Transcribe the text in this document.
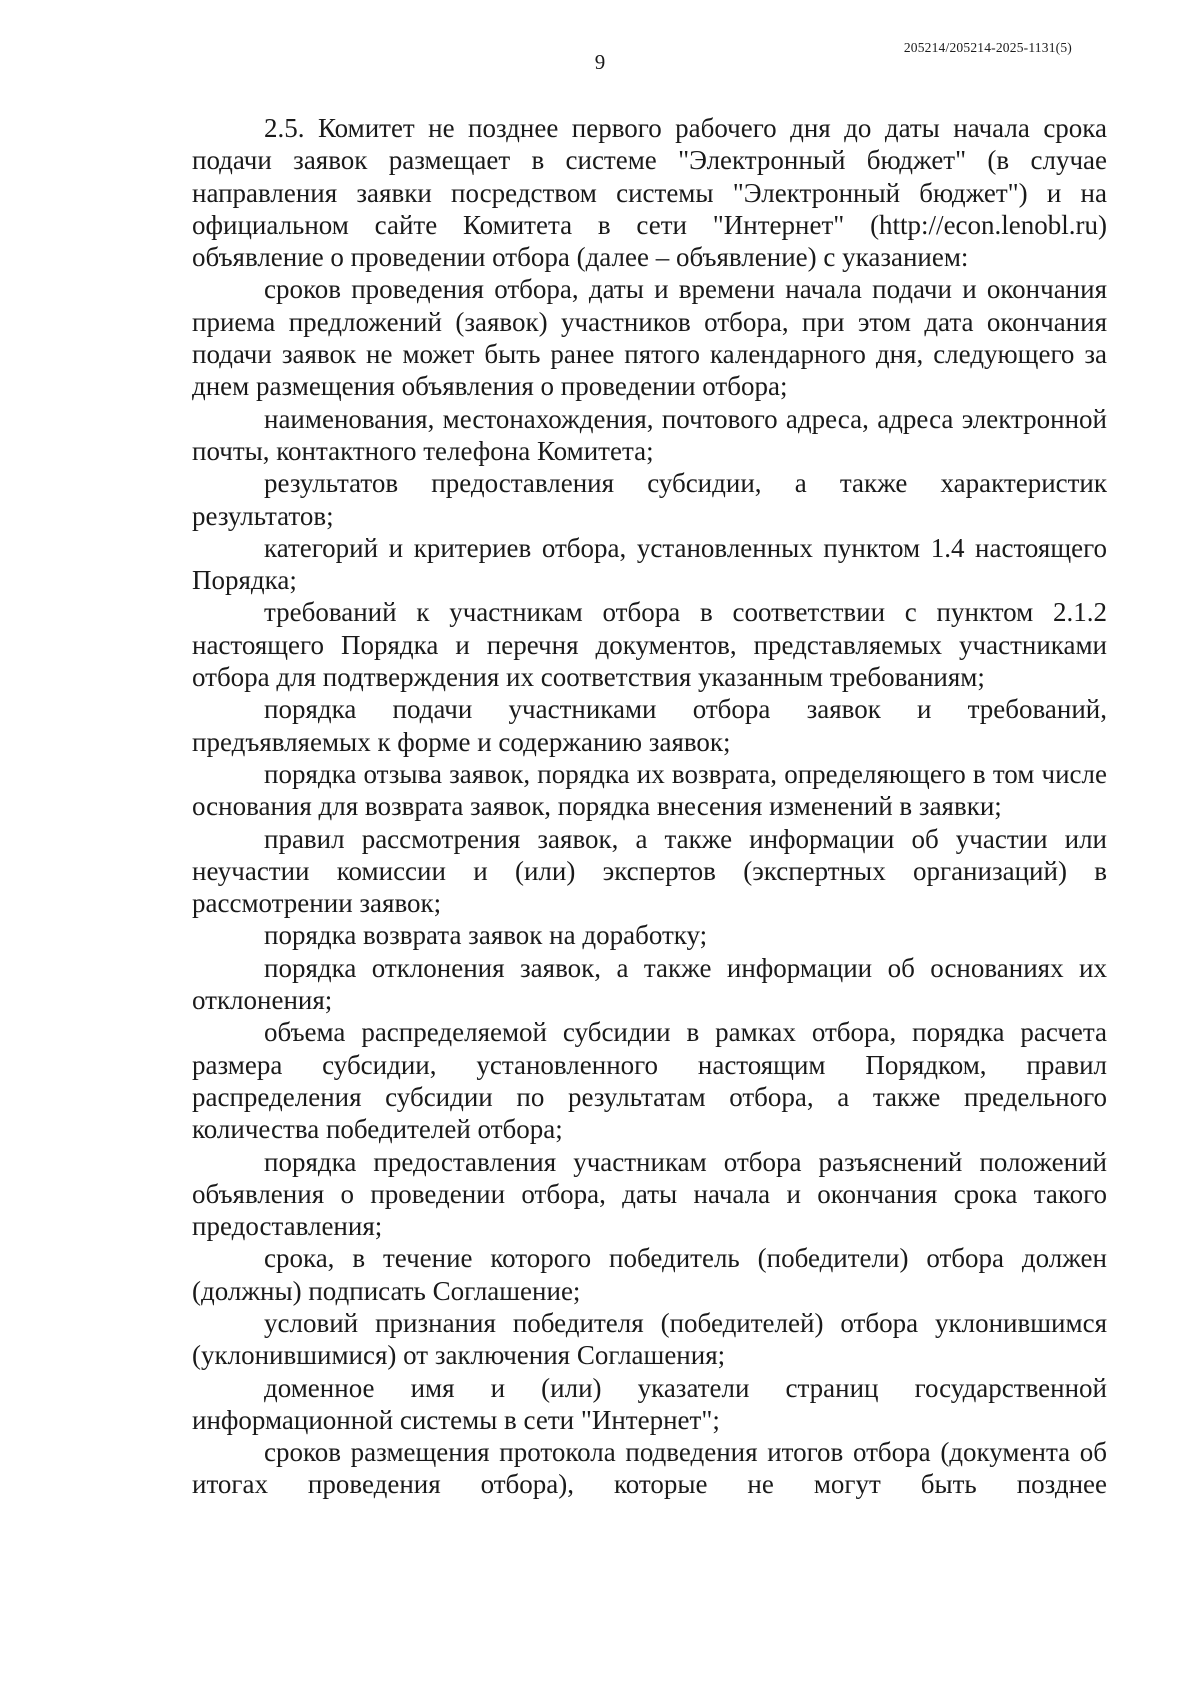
9
205214/205214-2025-1131(5)

2.5. Комитет не позднее первого рабочего дня до даты начала срока подачи заявок размещает в системе "Электронный бюджет" (в случае направления заявки посредством системы "Электронный бюджет") и на официальном сайте Комитета в сети "Интернет" (http://econ.lenobl.ru) объявление о проведении отбора (далее – объявление) с указанием:

сроков проведения отбора, даты и времени начала подачи и окончания приема предложений (заявок) участников отбора, при этом дата окончания подачи заявок не может быть ранее пятого календарного дня, следующего за днем размещения объявления о проведении отбора;

наименования, местонахождения, почтового адреса, адреса электронной почты, контактного телефона Комитета;

результатов предоставления субсидии, а также характеристик результатов;

категорий и критериев отбора, установленных пунктом 1.4 настоящего Порядка;

требований к участникам отбора в соответствии с пунктом 2.1.2 настоящего Порядка и перечня документов, представляемых участниками отбора для подтверждения их соответствия указанным требованиям;

порядка подачи участниками отбора заявок и требований, предъявляемых к форме и содержанию заявок;

порядка отзыва заявок, порядка их возврата, определяющего в том числе основания для возврата заявок, порядка внесения изменений в заявки;

правил рассмотрения заявок, а также информации об участии или неучастии комиссии и (или) экспертов (экспертных организаций) в рассмотрении заявок;

порядка возврата заявок на доработку;

порядка отклонения заявок, а также информации об основаниях их отклонения;

объема распределяемой субсидии в рамках отбора, порядка расчета размера субсидии, установленного настоящим Порядком, правил распределения субсидии по результатам отбора, а также предельного количества победителей отбора;

порядка предоставления участникам отбора разъяснений положений объявления о проведении отбора, даты начала и окончания срока такого предоставления;

срока, в течение которого победитель (победители) отбора должен (должны) подписать Соглашение;

условий признания победителя (победителей) отбора уклонившимся (уклонившимися) от заключения Соглашения;

доменное имя и (или) указатели страниц государственной информационной системы в сети "Интернет";

сроков размещения протокола подведения итогов отбора (документа об итогах проведения отбора), которые не могут быть позднее
